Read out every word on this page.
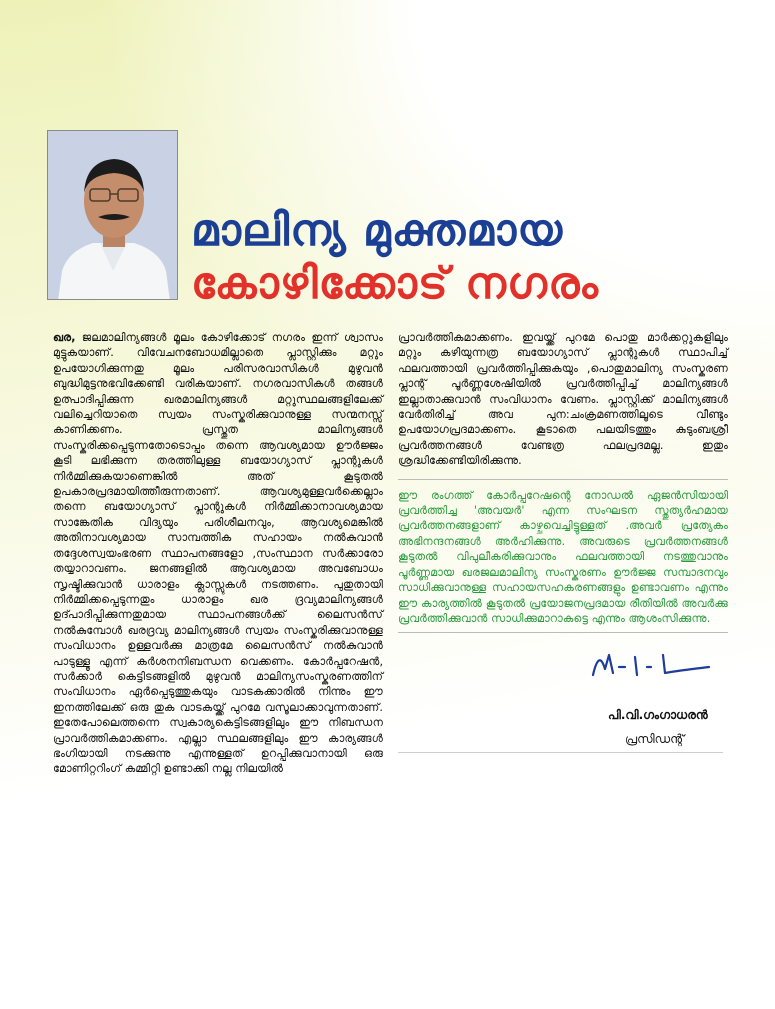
മാലിന്യ മുക്തമായ
കോഴിക്കോട് നഗരം

ഖര, ജലമാലിന്യങ്ങൾ മൂലം കോഴിക്കോട് നഗരം ഇന്ന് ശ്വാസം മുട്ടുകയാണ്. വിവേചനബോധമില്ലാതെ പ്ലാസ്റ്റിക്കും മറ്റും ഉപയോഗിക്കുന്നതു മൂലം പരിസരവാസികൾ മുഴുവൻ ബുദ്ധിമുട്ടനുഭവിക്കേണ്ടി വരികയാണ്. നഗരവാസികൾ തങ്ങൾ ഉത്പാദിപ്പിക്കുന്ന ഖരമാലിന്യങ്ങൾ മറ്റുസ്ഥലങ്ങളിലേക്ക് വലിച്ചെറിയാതെ സ്വയം സംസ്കരിക്കുവാനുള്ള സന്മനസ്സ് കാണിക്കണം. പ്രസ്തുത മാലിന്യങ്ങൾ സംസ്കരിക്കപ്പെടുന്നതോടൊപ്പം തന്നെ ആവശ്യമായ ഊർജ്ജം കൂടി ലഭിക്കുന്ന തരത്തിലുള്ള ബയോഗ്യാസ് പ്ലാന്റുകൾ നിർമ്മിക്കുകയാണെങ്കിൽ അത് കൂടുതൽ ഉപകാരപ്രദമായിത്തീരുന്നതാണ്. ആവശ്യമുള്ളവർക്കെല്ലാം തന്നെ ബയോഗ്യാസ് പ്ലാന്റുകൾ നിർമ്മിക്കാനാവശ്യമായ സാങ്കേതിക വിദ്യയും പരിശീലനവും, ആവശ്യമെങ്കിൽ അതിനാവശ്യമായ സാമ്പത്തിക സഹായം നൽകുവാൻ തദ്ദേശസ്വയംഭരണ സ്ഥാപനങ്ങളോ ,സംസ്ഥാന സർക്കാരോ തയ്യാറാവണം. ജനങ്ങളിൽ ആവശ്യമായ അവബോധം സൃഷ്ടിക്കുവാൻ ധാരാളം ക്ലാസ്സുകൾ നടത്തണം. പുതുതായി നിർമ്മിക്കപ്പെടുന്നതും ധാരാളം ഖര ദ്രവ്യമാലിന്യങ്ങൾ ഉദ്പാദിപ്പിക്കുന്നതുമായ സ്ഥാപനങ്ങൾക്ക് ലൈസൻസ് നൽകുമ്പോൾ ഖരദ്രവ്യ മാലിന്യങ്ങൾ സ്വയം സംസ്കരിക്കുവാനുള്ള സംവിധാനം ഉള്ളവർക്കു മാത്രമേ ലൈസൻസ് നൽകുവാൻ പാടുള്ളൂ എന്ന് കർശനനിബന്ധന വെക്കണം. കോർപ്പറേഷൻ, സർക്കാർ കെട്ടിടങ്ങളിൽ മുഴുവൻ മാലിന്യസംസ്കരണത്തിന് സംവിധാനം ഏർപ്പെടുത്തുകയും വാടകക്കാരിൽ നിന്നും ഈ ഇനത്തിലേക്ക് ഒരു തുക വാടകയ്ക്ക് പുറമേ വസൂലാക്കാവുന്നതാണ്. ഇതേപോലെത്തന്നെ സ്വകാര്യകെട്ടിടങ്ങളിലും ഈ നിബന്ധന പ്രാവർത്തികമാക്കണം. എല്ലാ സ്ഥലങ്ങളിലും ഈ കാര്യങ്ങൾ ഭംഗിയായി നടക്കുന്നു എന്നുള്ളത് ഉറപ്പിക്കുവാനായി ഒരു മോണിറ്ററിംഗ് കമ്മിറ്റി ഉണ്ടാക്കി നല്ല നിലയിൽ

പ്രാവർത്തികമാക്കണം. ഇവയ്ക്ക് പുറമേ പൊതു മാർക്കറ്റുകളിലും മറ്റും കഴിയുന്നത്ര ബയോഗ്യാസ് പ്ലാന്റുകൾ സ്ഥാപിച്ച് ഫലവത്തായി പ്രവർത്തിപ്പിക്കുകയും ,പൊതുമാലിന്യ സംസ്കരണ പ്ലാന്റ് പൂർണ്ണശേഷിയിൽ പ്രവർത്തിപ്പിച്ച് മാലിന്യങ്ങൾ ഇല്ലാതാക്കുവാൻ സംവിധാനം വേണം. പ്ലാസ്റ്റിക്ക് മാലിന്യങ്ങൾ വേർതിരിച്ച് അവ പുന:ചംക്രമണത്തിലൂടെ വീണ്ടും ഉപയോഗപ്രദമാക്കണം. കൂടാതെ പലയിടത്തും കുടുംബശ്രീ പ്രവർത്തനങ്ങൾ വേണ്ടത്ര ഫലപ്രദമല്ല. ഇതും ശ്രദ്ധിക്കേണ്ടിയിരിക്കുന്നു.

ഈ രംഗത്ത് കോർപ്പറേഷന്റെ നോഡൽ ഏജൻസിയായി പ്രവർത്തിച്ച 'അവയർ' എന്ന സംഘടന സ്തുത്യർഹമായ പ്രവർത്തനങ്ങളാണ് കാഴ്ചവെച്ചിട്ടുള്ളത് .അവർ പ്രത്യേകം അഭിനന്ദനങ്ങൾ അർഹിക്കുന്നു. അവരുടെ പ്രവർത്തനങ്ങൾ കൂടുതൽ വിപുലീകരിക്കുവാനും ഫലവത്തായി നടത്തുവാനും പൂർണ്ണമായ ഖരജലമാലിന്യ സംസ്കരണം ഊർജ്ജ സമ്പാദനവും സാധിക്കുവാനുള്ള സഹായസഹകരണങ്ങളും ഉണ്ടാവണം എന്നും ഈ കാര്യത്തിൽ കൂടുതൽ പ്രയോജനപ്രദമായ രീതിയിൽ അവർക്കു പ്രവർത്തിക്കുവാൻ സാധിക്കുമാറാകട്ടെ എന്നും ആശംസിക്കുന്നു.

പി.വി.ഗംഗാധരൻ
പ്രസിഡന്റ്
